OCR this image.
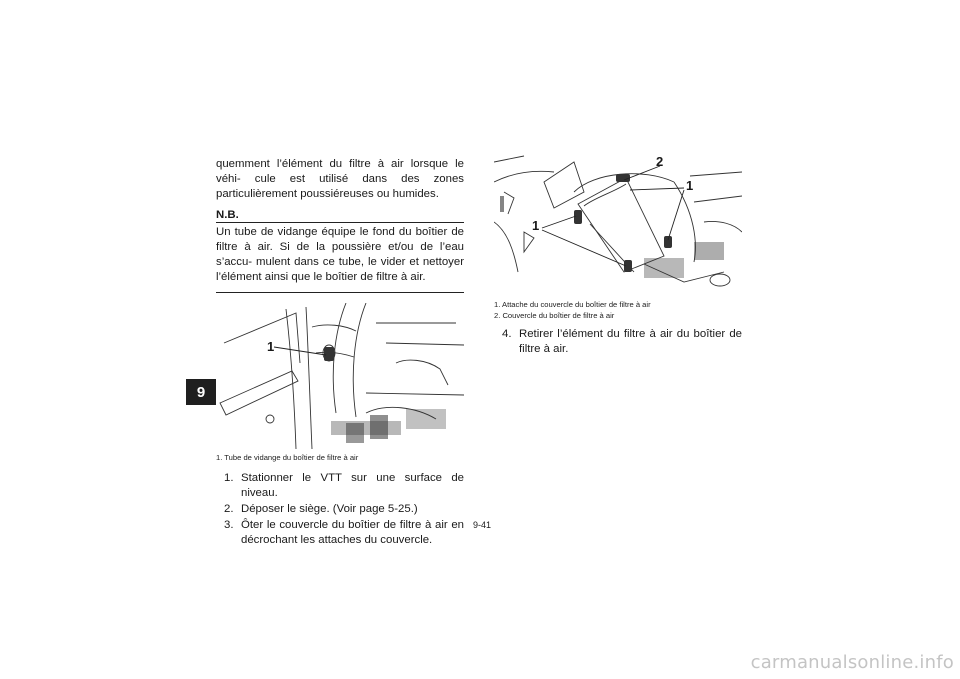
9

quemment l’élément du filtre à air lorsque le véhi- cule est utilisé dans des zones particulièrement poussiéreuses ou humides.

N.B.

Un tube de vidange équipe le fond du boîtier de filtre à air. Si de la poussière et/ou de l’eau s’accu- mulent dans ce tube, le vider et nettoyer l’élément ainsi que le boîtier de filtre à air.

1
1. Tube de vidange du boîtier de filtre à air
1. Stationner le VTT sur une surface de niveau.
2. Déposer le siège. (Voir page 5-25.)
3. Ôter le couvercle du boîtier de filtre à air en décrochant les attaches du couvercle.
2
1
1
1. Attache du couvercle du boîtier de filtre à air
2. Couvercle du boîtier de filtre à air
4. Retirer l’élément du filtre à air du boîtier de filtre à air.
9-41
carmanualsonline.info
